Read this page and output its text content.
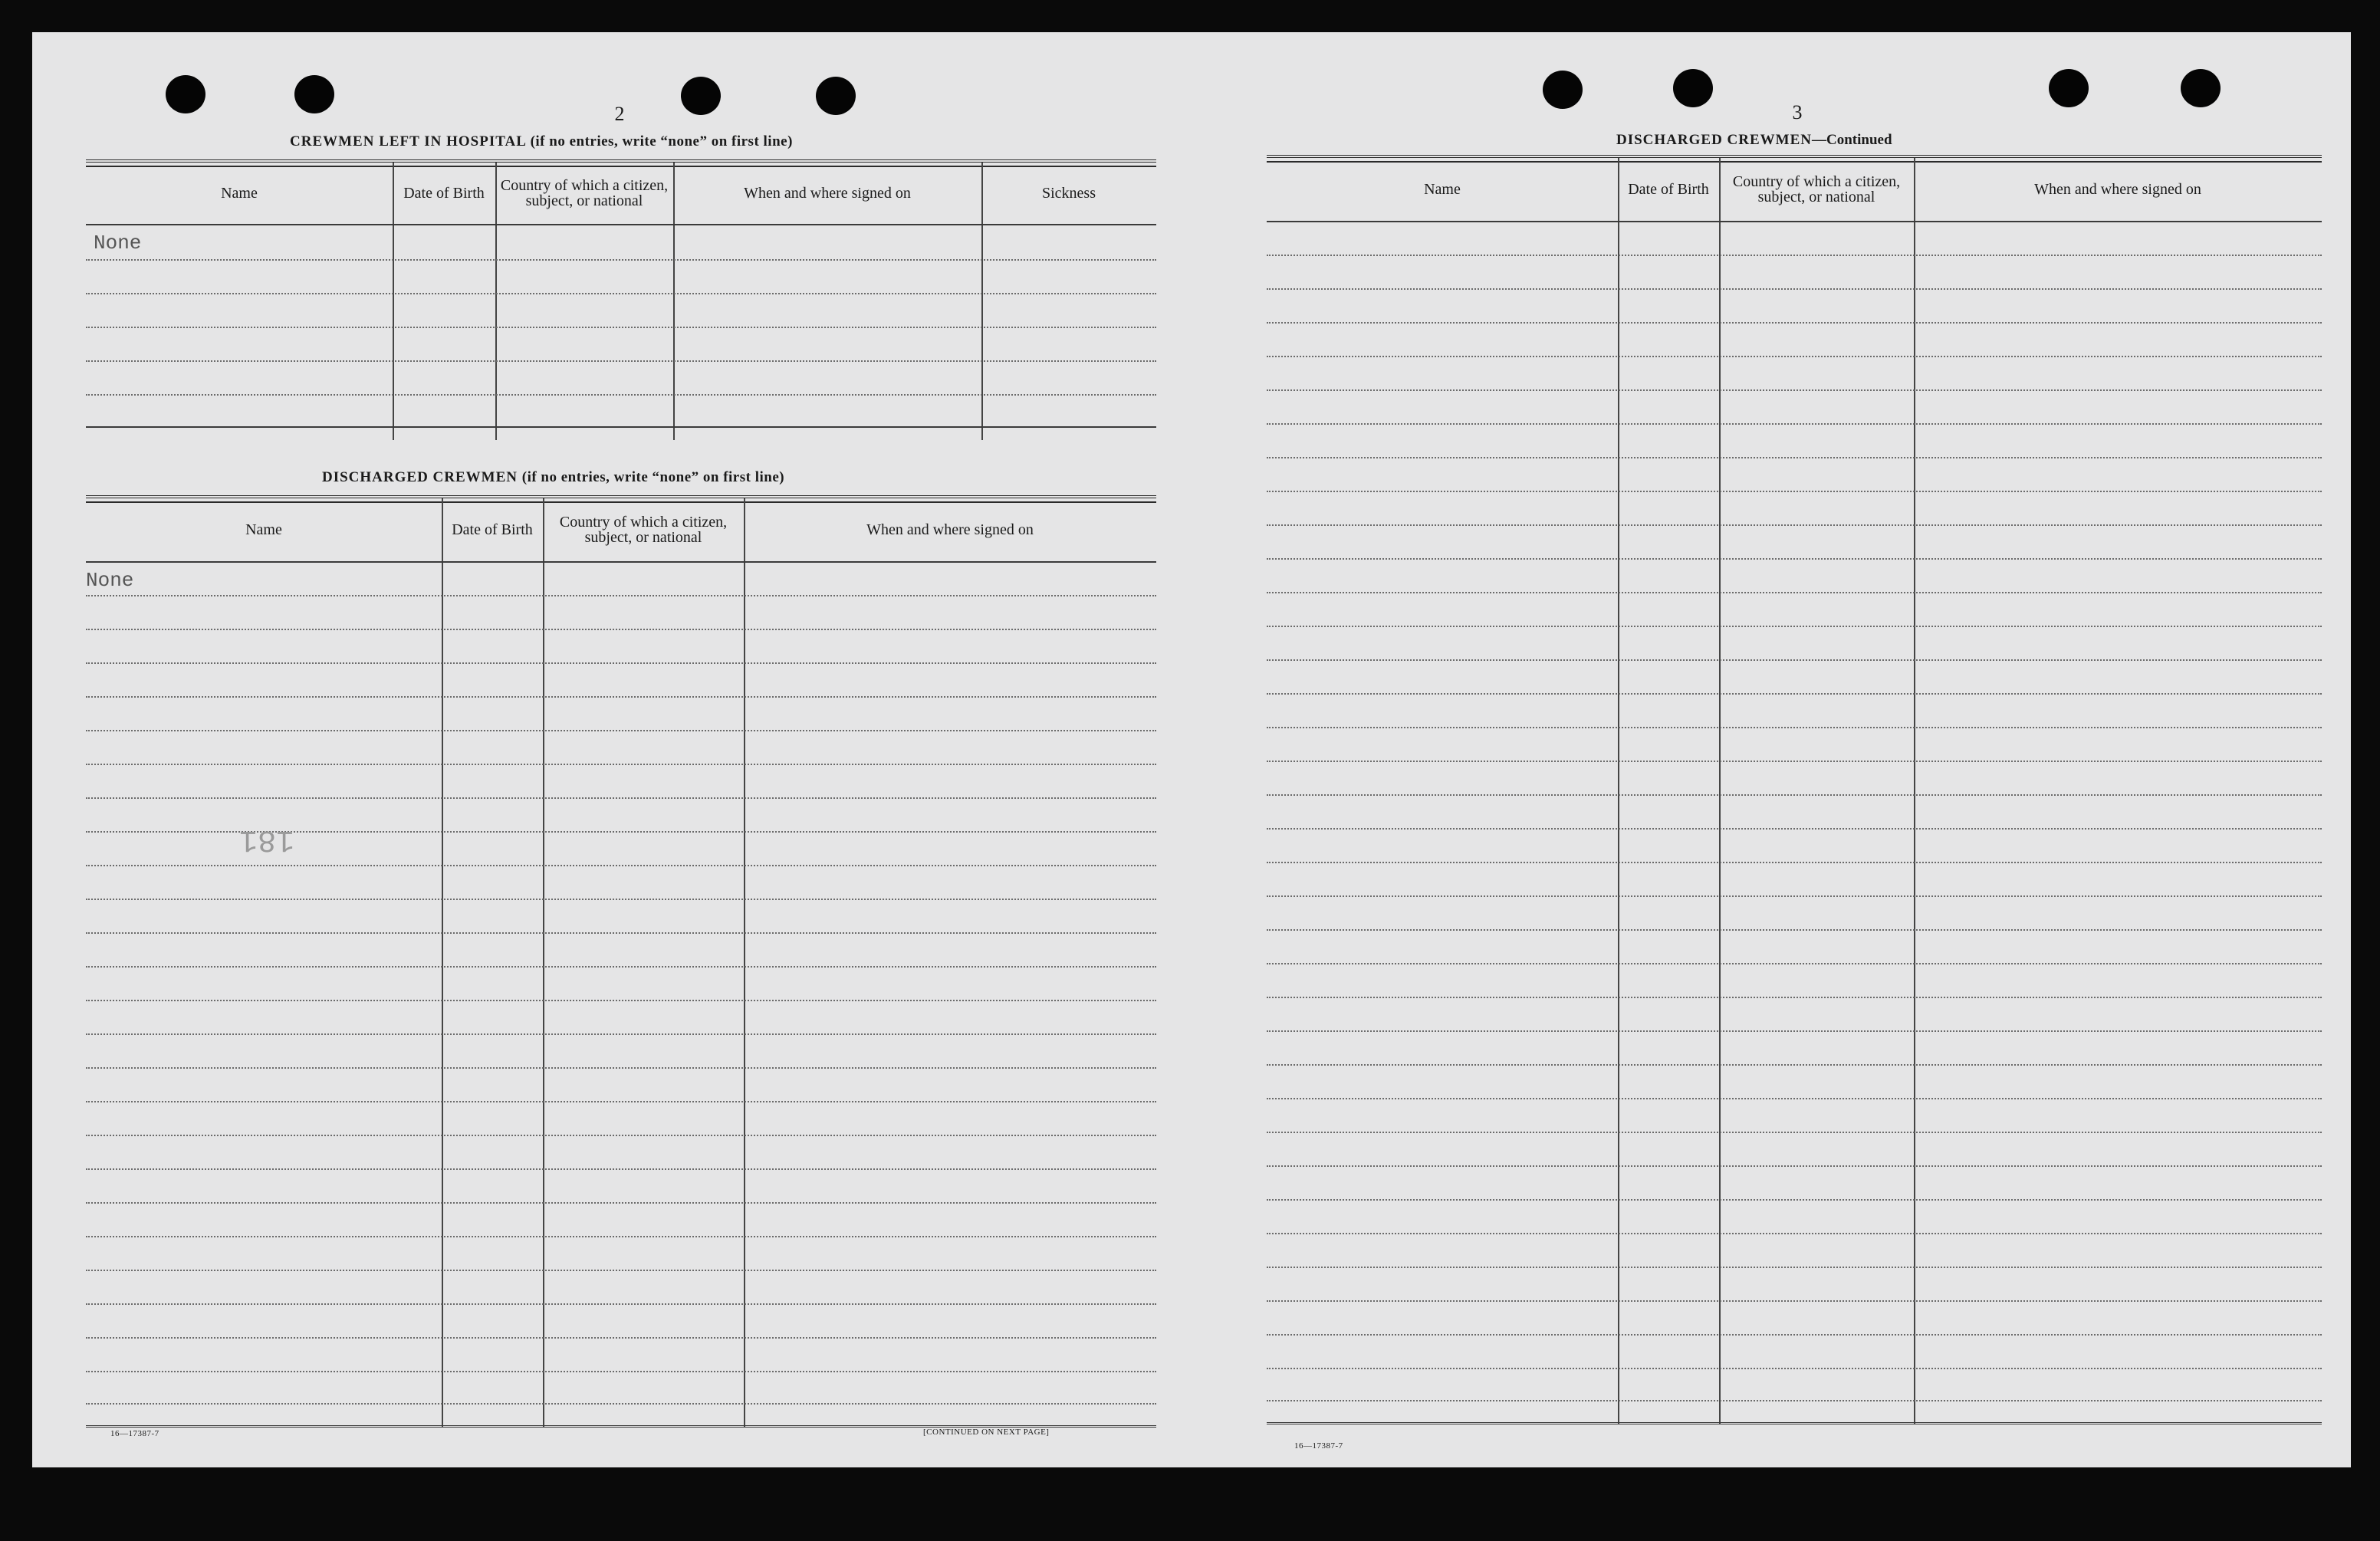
2
CREWMEN LEFT IN HOSPITAL (if no entries, write “none” on first line)
Name	Date of Birth	Country of which a citizen, subject, or national	When and where signed on	Sickness
None
DISCHARGED CREWMEN (if no entries, write “none” on first line)
Name	Date of Birth	Country of which a citizen, subject, or national	When and where signed on
None
181
16—17387-7	[CONTINUED ON NEXT PAGE]
3
DISCHARGED CREWMEN—Continued
Name	Date of Birth	Country of which a citizen, subject, or national	When and where signed on
16—17387-7
